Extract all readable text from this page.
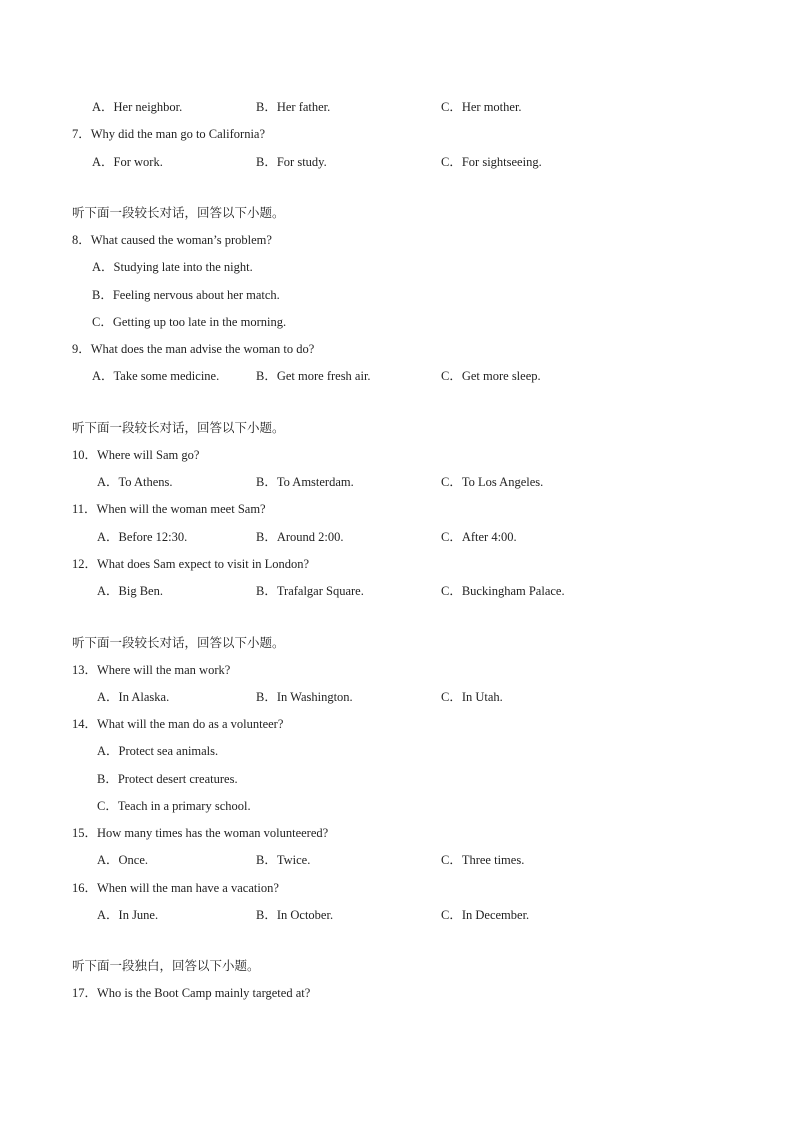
A．Her neighbor.	B．Her father.	C．Her mother.
7．Why did the man go to California?
A．For work.	B．For study.	C．For sightseeing.
听下面一段较长对话，回答以下小题。
8．What caused the woman’s problem?
A．Studying late into the night.
B．Feeling nervous about her match.
C．Getting up too late in the morning.
9．What does the man advise the woman to do?
A．Take some medicine.	B．Get more fresh air.	C．Get more sleep.
听下面一段较长对话，回答以下小题。
10．Where will Sam go?
A．To Athens.	B．To Amsterdam.	C．To Los Angeles.
11．When will the woman meet Sam?
A．Before 12:30.	B．Around 2:00.	C．After 4:00.
12．What does Sam expect to visit in London?
A．Big Ben.	B．Trafalgar Square.	C．Buckingham Palace.
听下面一段较长对话，回答以下小题。
13．Where will the man work?
A．In Alaska.	B．In Washington.	C．In Utah.
14．What will the man do as a volunteer?
A．Protect sea animals.
B．Protect desert creatures.
C．Teach in a primary school.
15．How many times has the woman volunteered?
A．Once.	B．Twice.	C．Three times.
16．When will the man have a vacation?
A．In June.	B．In October.	C．In December.
听下面一段独白，回答以下小题。
17．Who is the Boot Camp mainly targeted at?
